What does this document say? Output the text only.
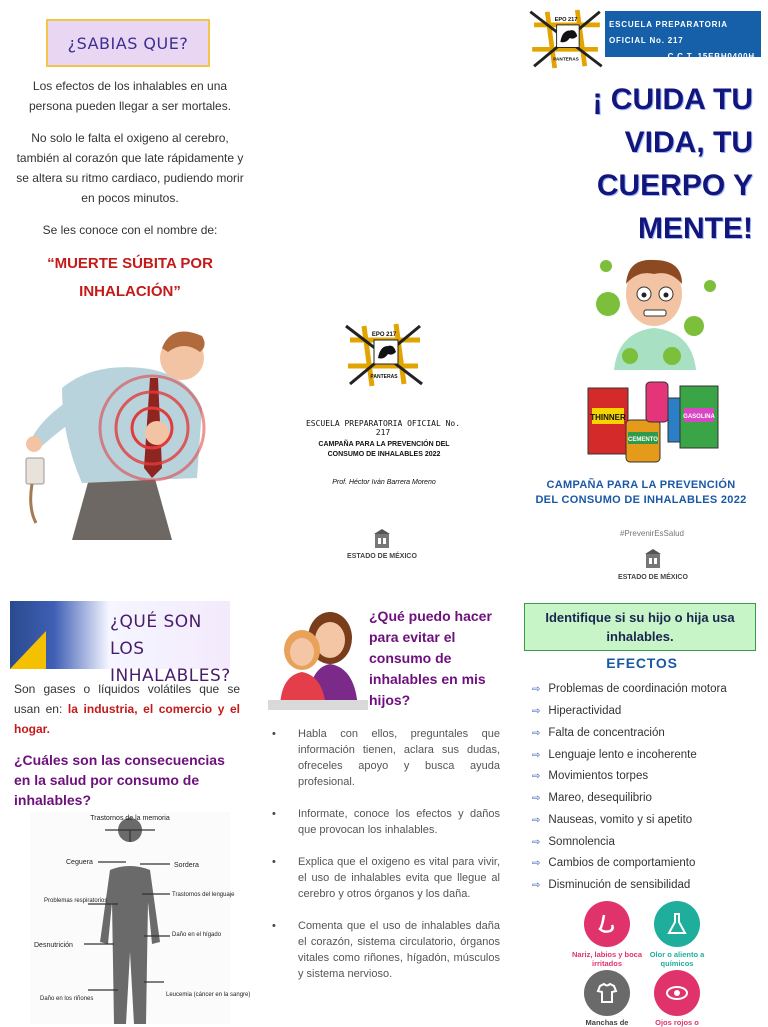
¿SABIAS QUE?

Los efectos de los inhalables en una persona pueden llegar a ser mortales.

No solo le falta el oxigeno al cerebro, también al corazón que late rápidamente y se altera su ritmo cardiaco, pudiendo morir en pocos minutos.

Se les conoce con el nombre de:

“MUERTE SÚBITA POR INHALACIÓN”
EPO 217
PANTERAS
ESCUELA PREPARATORIA OFICIAL No. 217
CAMPAÑA PARA LA PREVENCIÓN DEL CONSUMO DE INHALABLES 2022
Prof. Héctor Iván Barrera Moreno
ESTADO DE MÉXICO
EPO 217
PANTERAS
ESCUELA PREPARATORIA OFICIAL No. 217
C.C.T. 15EBH0400H
¡ CUIDA TU VIDA, TU CUERPO Y MENTE!
THINNER
CEMENTO
GASOLINA
CAMPAÑA PARA LA PREVENCIÓN DEL CONSUMO DE INHALABLES 2022
#PrevenirEsSalud
ESTADO DE MÉXICO
¿QUÉ SON LOS INHALABLES?

Son gases o líquidos volátiles que se usan en: la industria, el comercio y el hogar.

¿Cuáles son las consecuencias en la salud por consumo de inhalables?
Trastornos de la memoria
Ceguera	Sordera
Problemas respiratorios
Trastornos del lenguaje
Daño en el hígado
Desnutrición
Daño en los riñones
Leucemia (cáncer en la sangre)
¿Qué puedo hacer para evitar el consumo de inhalables en mis hijos?
• Habla con ellos, preguntales que información tienen, aclara sus dudas, ofreceles apoyo y busca ayuda profesional.
• Informate, conoce los efectos y daños que provocan los inhalables.
• Explica que el oxigeno es vital para vivir, el uso de inhalables evita que llegue al cerebro y otros órganos y los daña.
• Comenta que el uso de inhalables daña el corazón, sistema circulatorio, órganos vitales como riñones, hígadón, músculos y sistema nervioso.
Identifique si su hijo o hija usa inhalables.
EFECTOS
⇨ Problemas de coordinación motora
⇨ Hiperactividad
⇨ Falta de concentración
⇨ Lenguaje lento e incoherente
⇨ Movimientos torpes
⇨ Mareo, desequilibrio
⇨ Nauseas, vomito y si apetito
⇨ Somnolencia
⇨ Cambios de comportamiento
⇨ Disminución de sensibilidad
Nariz, labios y boca irritados
Olor o aliento a químicos
Manchas de	Ojos rojos o
